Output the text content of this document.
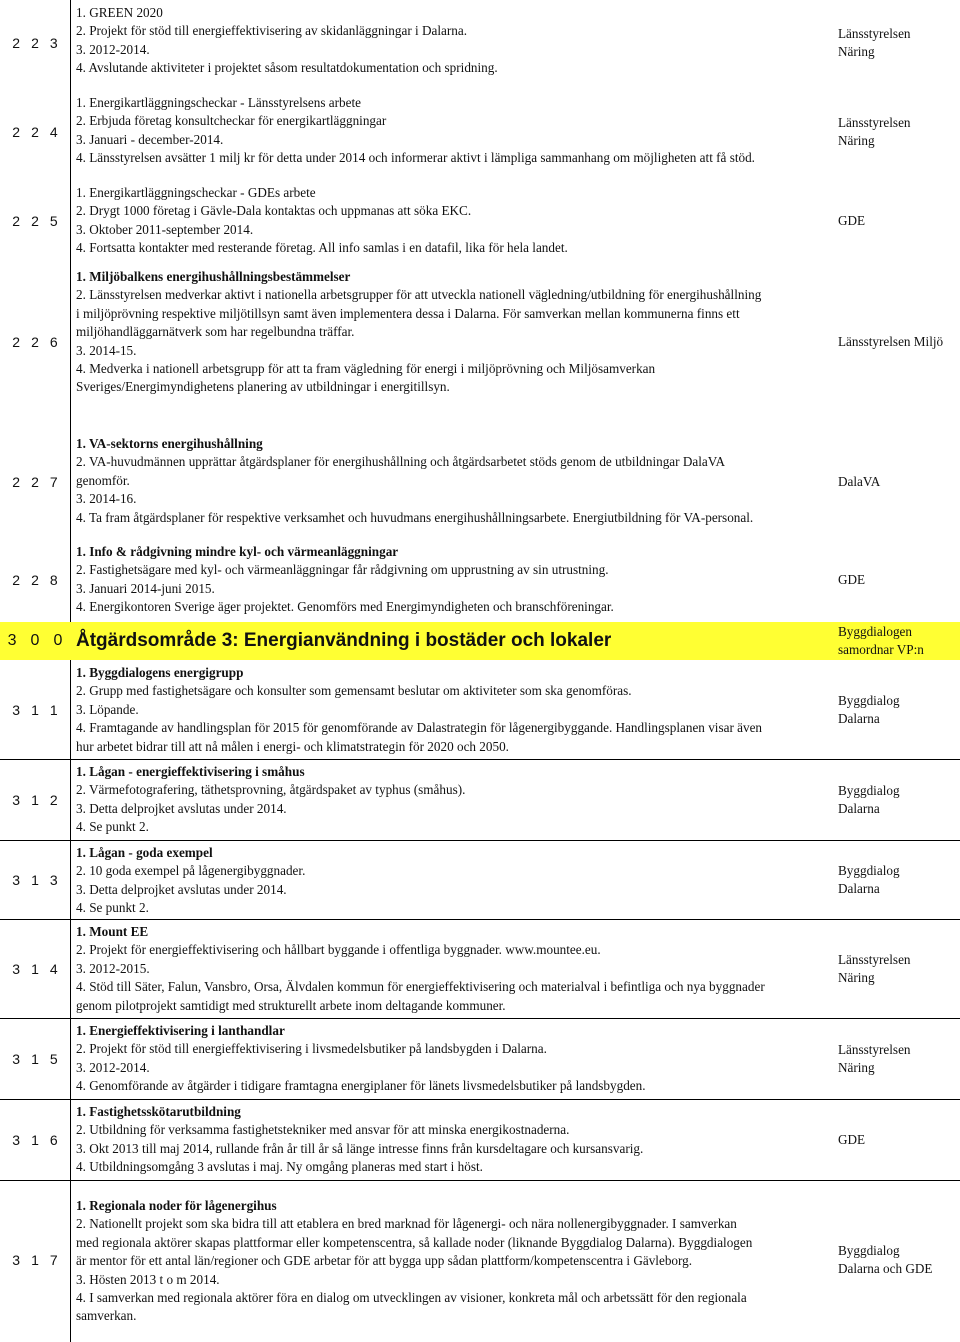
2 2 3
1. GREEN 2020
2. Projekt för stöd till energieffektivisering av skidanläggningar i Dalarna.
3. 2012-2014.
4. Avslutande aktiviteter i projektet såsom resultatdokumentation och spridning.
Länsstyrelsen
Näring
2 2 4
1. Energikartläggningscheckar - Länsstyrelsens arbete
2. Erbjuda företag konsultcheckar för energikartläggningar
3. Januari - december-2014.
4. Länsstyrelsen avsätter 1 milj kr för detta under 2014 och informerar aktivt i lämpliga sammanhang om möjligheten att få stöd.
Länsstyrelsen
Näring
2 2 5
1. Energikartläggningscheckar - GDEs arbete
2. Drygt 1000 företag i Gävle-Dala kontaktas och uppmanas att söka EKC.
3. Oktober 2011-september 2014.
4. Fortsatta kontakter med resterande företag. All info samlas i en datafil, lika för hela landet.
GDE
2 2 6
1. Miljöbalkens energihushållningsbestämmelser
2. Länsstyrelsen medverkar aktivt i nationella arbetsgrupper för att utveckla nationell vägledning/utbildning för energihushållning
i miljöprövning respektive miljötillsyn samt även implementera dessa i Dalarna. För samverkan mellan kommunerna finns ett
miljöhandläggarnätverk som har regelbundna träffar.
3. 2014-15.
4. Medverka i nationell arbetsgrupp för att ta fram vägledning för energi i miljöprövning och Miljösamverkan
Sveriges/Energimyndighetens planering av utbildningar i energitillsyn.
Länsstyrelsen Miljö
2 2 7
1. VA-sektorns energihushållning
2. VA-huvudmännen upprättar åtgärdsplaner för energihushållning och åtgärdsarbetet stöds genom de utbildningar DalaVA
genomför.
3. 2014-16.
4. Ta fram åtgärdsplaner för respektive verksamhet och huvudmans energihushållningsarbete. Energiutbildning för VA-personal.
DalaVA
2 2 8
1. Info & rådgivning mindre kyl- och värmeanläggningar
2. Fastighetsägare med kyl- och värmeanläggningar får rådgivning om upprustning av sin utrustning.
3. Januari 2014-juni 2015.
4. Energikontoren Sverige äger projektet. Genomförs med Energimyndigheten och branschföreningar.
GDE
3 0 0 Åtgärdsområde 3: Energianvändning i bostäder och lokaler	Byggdialogen
samordnar VP:n
3 1 1
1. Byggdialogens energigrupp
2. Grupp med fastighetsägare och konsulter som gemensamt beslutar om aktiviteter som ska genomföras.
3. Löpande.
4. Framtagande av handlingsplan för 2015 för genomförande av Dalastrategin för lågenergibyggande. Handlingsplanen visar även
hur arbetet bidrar till att nå målen i energi- och klimatstrategin för 2020 och 2050.
Byggdialog
Dalarna
3 1 2
1. Lågan - energieffektivisering i småhus
2. Värmefotografering, täthetsprovning, åtgärdspaket av typhus (småhus).
3. Detta delprojket avslutas under 2014.
4. Se punkt 2.
Byggdialog
Dalarna
3 1 3
1. Lågan - goda exempel
2. 10 goda exempel på lågenergibyggnader.
3. Detta delprojket avslutas under 2014.
4. Se punkt 2.
Byggdialog
Dalarna
3 1 4
1. Mount EE
2. Projekt för energieffektivisering och hållbart byggande i offentliga byggnader. www.mountee.eu.
3. 2012-2015.
4. Stöd till Säter, Falun, Vansbro, Orsa, Älvdalen kommun för energieffektivisering och materialval i befintliga och nya byggnader
genom pilotprojekt samtidigt med strukturellt arbete inom deltagande kommuner.
Länsstyrelsen
Näring
3 1 5
1. Energieffektivisering i lanthandlar
2. Projekt för stöd till energieffektivisering i livsmedelsbutiker på landsbygden i Dalarna.
3. 2012-2014.
4. Genomförande av åtgärder i tidigare framtagna energiplaner för länets livsmedelsbutiker på landsbygden.
Länsstyrelsen
Näring
3 1 6
1. Fastighetsskötarutbildning
2. Utbildning för verksamma fastighetstekniker med ansvar för att minska energikostnaderna.
3. Okt 2013 till maj 2014, rullande från år till år så länge intresse finns från kursdeltagare och kursansvarig.
4. Utbildningsomgång 3 avslutas i maj. Ny omgång planeras med start i höst.
GDE
3 1 7
1. Regionala noder för lågenergihus
2. Nationellt projekt som ska bidra till att etablera en bred marknad för lågenergi- och nära nollenergibyggnader. I samverkan
med regionala aktörer skapas plattformar eller kompetenscentra, så kallade noder (liknande Byggdialog Dalarna). Byggdialogen
är mentor för ett antal län/regioner och GDE arbetar för att bygga upp sådan plattform/kompetenscentra i Gävleborg.
3. Hösten 2013 t o m 2014.
4. I samverkan med regionala aktörer föra en dialog om utvecklingen av visioner, konkreta mål och arbetssätt för den regionala
samverkan.
Byggdialog
Dalarna och GDE
